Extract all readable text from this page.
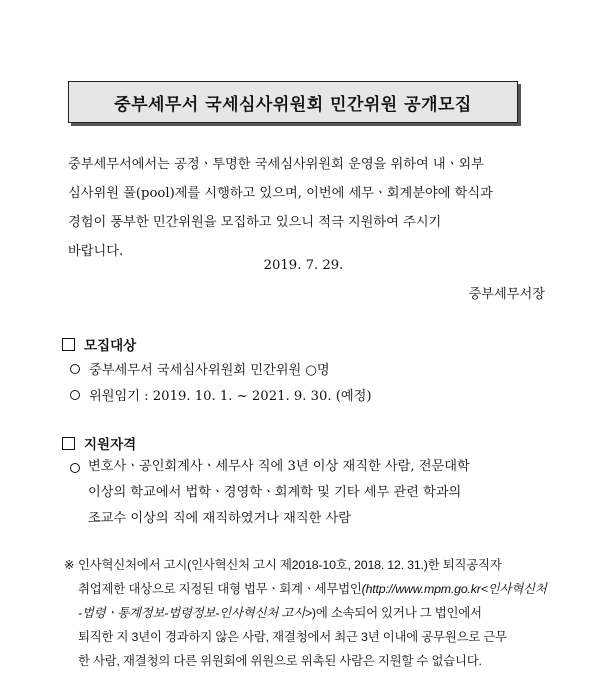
중부세무서 국세심사위원회 민간위원 공개모집
중부세무서에서는 공정ㆍ투명한 국세심사위원회 운영을 위하여 내ㆍ외부
심사위원 풀(pool)제를 시행하고 있으며, 이번에 세무ㆍ회계분야에 학식과
경험이 풍부한 민간위원을 모집하고 있으니 적극 지원하여 주시기
바랍니다.
2019. 7. 29.
중부세무서장
모집대상
중부세무서 국세심사위원회 민간위원 ○명
위원임기 : 2019. 10. 1. ~ 2021. 9. 30. (예정)
지원자격
변호사ㆍ공인회계사ㆍ세무사 직에 3년 이상 재직한 사람, 전문대학
이상의 학교에서 법학ㆍ경영학ㆍ회계학 및 기타 세무 관련 학과의
조교수 이상의 직에 재직하였거나 재직한 사람
※ 인사혁신처에서 고시(인사혁신처 고시 제2018-10호, 2018. 12. 31.)한 퇴직공직자
취업제한 대상으로 지정된 대형 법무ㆍ회계ㆍ세무법인(http://www.mpm.go.kr<인사혁신처
-법령ㆍ통계정보-법령정보-인사혁신처 고시>)에 소속되어 있거나 그 법인에서
퇴직한 지 3년이 경과하지 않은 사람, 재결청에서 최근 3년 이내에 공무원으로 근무
한 사람, 재결청의 다른 위원회에 위원으로 위촉된 사람은 지원할 수 없습니다.
